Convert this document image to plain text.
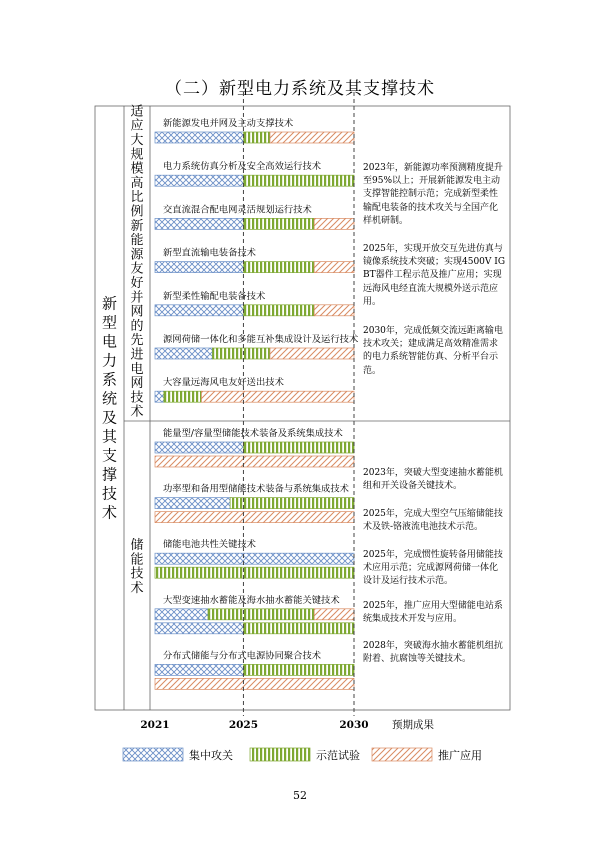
（二）新型电力系统及其支撑技术
新型电力系统及其支撑技术
适应大规模高比例新能源友好并网的先进电网技术
新能源发电并网及主动支撑技术
电力系统仿真分析及安全高效运行技术
交直流混合配电网灵活规划运行技术
新型直流输电装备技术
新型柔性输配电装备技术
源网荷储一体化和多能互补集成设计及运行技术
大容量远海风电友好送出技术
2023年，新能源功率预测精度提升至95%以上；开展新能源发电主动支撑智能控制示范；完成新型柔性输配电装备的技术攻关与全国产化样机研制。
2025年，实现开放交互先进仿真与镜像系统技术突破；实现4500V IGBT器件工程示范及推广应用；实现远海风电经直流大规模外送示范应用。
2030年，完成低频交流远距离输电技术攻关；建成满足高效精准需求的电力系统智能仿真、分析平台示范。
储能技术
能量型/容量型储能技术装备及系统集成技术
功率型和备用型储能技术装备与系统集成技术
储能电池共性关键技术
大型变速抽水蓄能及海水抽水蓄能关键技术
分布式储能与分布式电源协同聚合技术
2023年，突破大型变速抽水蓄能机组和开关设备关键技术。
2025年，完成大型空气压缩储能技术及铁-铬液流电池技术示范。
2025年，完成惯性旋转备用储能技术应用示范；完成源网荷储一体化设计及运行技术示范。
2025年，推广应用大型储能电站系统集成技术开发与应用。
2028年，突破海水抽水蓄能机组抗附着、抗腐蚀等关键技术。
2021	2025	2030 预期成果
集中攻关	示范试验	推广应用
52
